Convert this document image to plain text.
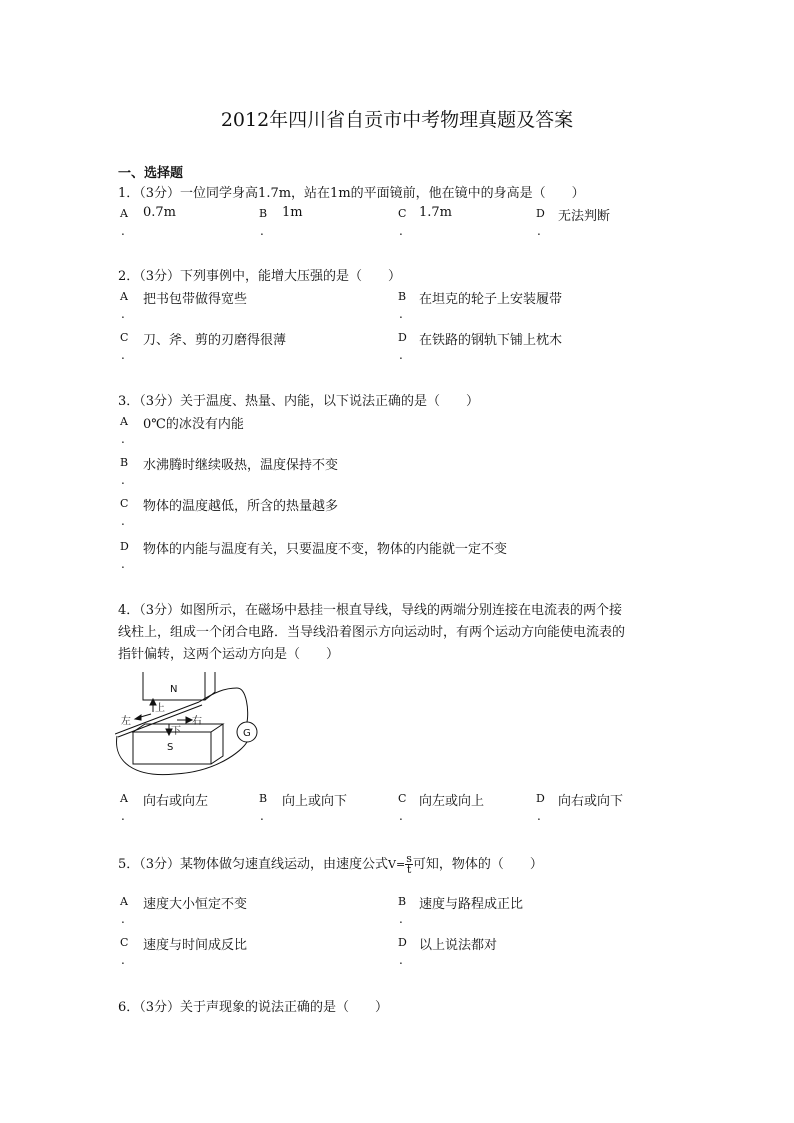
2012年四川省自贡市中考物理真题及答案
一、选择题
1．（3分）一位同学身高1.7m，站在1m的平面镜前，他在镜中的身高是（　　）
A
.
0.7m	B
.
1m	C
.
1.7m	D
.
无法判断
2．（3分）下列事例中，能增大压强的是（　　）
A
.
把书包带做得宽些	B
.
在坦克的轮子上安装履带
C
.
刀、斧、剪的刃磨得很薄	D
.
在铁路的钢轨下铺上枕木
3．（3分）关于温度、热量、内能，以下说法正确的是（　　）
A
.
0℃的冰没有内能
B
.
水沸腾时继续吸热，温度保持不变
C
.
物体的温度越低，所含的热量越多
D
.
物体的内能与温度有关，只要温度不变，物体的内能就一定不变
4．（3分）如图所示，在磁场中悬挂一根直导线，导线的两端分别连接在电流表的两个接
线柱上，组成一个闭合电路．当导线沿着图示方向运动时，有两个运动方向能使电流表的
指针偏转，这两个运动方向是（　　）
N
S
G
左	右
上
下
A
.
向右或向左	B
.
向上或向下	C
.
向左或向上	D
.
向右或向下
5．（3分）某物体做匀速直线运动，由速度公式$V= \frac{s}{t}$ 可知，物体的（　　）
A
.
速度大小恒定不变	B
.
速度与路程成正比
C
.
速度与时间成反比	D
.
以上说法都对
6．（3分）关于声现象的说法正确的是（　　）
